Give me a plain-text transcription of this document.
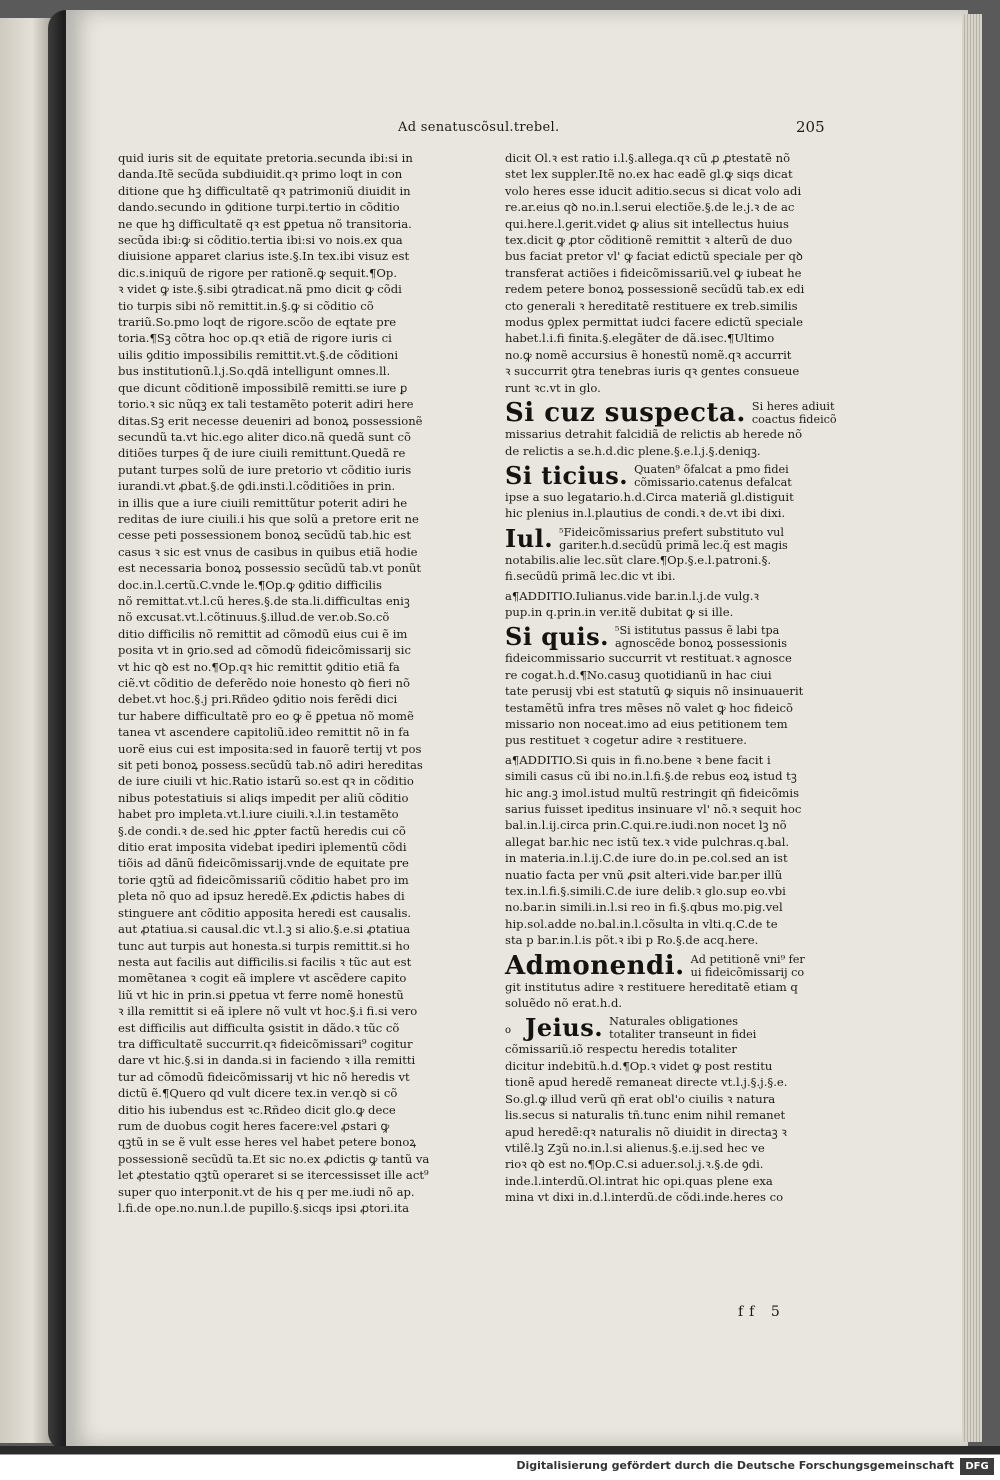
Ad senatuscõsul.trebel.	205
quid iuris sit de equitate pretoria.secunda ibi:si in
danda.Itẽ secũda subdiuidit.qꝛ primo loqt in con
ditione que hꝫ difficultatẽ qꝛ patrimoniũ diuidit in
dando.secundo in ꝯditione turpi.tertio in cõditio
ne que hꝫ difficultatẽ qꝛ est ꝑpetua nõ transitoria.
secũda ibi:ꝙ si cõditio.tertia ibi:si vo nois.ex qua
diuisione apparet clarius iste.§.In tex.ibi visuz est
dic.s.iniquũ de rigore per rationẽ.ꝙ sequit.¶Op.
ꝛ videt ꝙ iste.§.sibi ꝯtradicat.nã pmo dicit ꝙ cõdi
tio turpis sibi nõ remittit.in.§.ꝙ si cõditio cõ
trariũ.So.pmo loqt de rigore.scõo de eqtate pre
toria.¶Sꝫ cõtra hoc op.qꝛ etiã de rigore iuris ci
uilis ꝯditio impossibilis remittit.vt.§.de cõditioni
bus institutionũ.l.j.So.qdã intelligunt omnes.ll.
que dicunt cõditionẽ impossibilẽ remitti.se iure ꝑ
torio.ꝛ sic nũqꝫ ex tali testamẽto poterit adiri here
ditas.Sꝫ erit necesse deueniri ad bonoꝝ possessionẽ
secundũ ta.vt hic.ego aliter dico.nã quedã sunt cõ
ditiões turpes q̃ de iure ciuili remittunt.Quedã re
putant turpes solũ de iure pretorio vt cõditio iuris
iurandi.vt ꝓbat.§.de ꝯdi.insti.l.cõditiões in prin.
in illis que a iure ciuili remittũtur poterit adiri he
reditas de iure ciuili.i his que solũ a pretore erit ne
cesse peti possessionem bonoꝝ secũdũ tab.hic est
casus ꝛ sic est vnus de casibus in quibus etiã hodie
est necessaria bonoꝝ possessio secũdũ tab.vt ponũt
doc.in.l.certũ.C.vnde le.¶Op.ꝙ ꝯditio difficilis
nõ remittat.vt.l.cũ heres.§.de sta.li.difficultas eniꝫ
nõ excusat.vt.l.cõtinuus.§.illud.de ver.ob.So.cõ
ditio difficilis nõ remittit ad cõmodũ eius cui ẽ im
posita vt in ꝯrio.sed ad cõmodũ fideicõmissarij sic
vt hic qꝺ est no.¶Op.qꝛ hic remittit ꝯditio etiã fa
ciẽ.vt cõditio de deferẽdo noie honesto qꝺ fieri nõ
debet.vt hoc.§.j pri.Rñdeo ꝯditio nois ferẽdi dici
tur habere difficultatẽ pro eo ꝙ ẽ ꝑpetua nõ momẽ
tanea vt ascendere capitoliũ.ideo remittit nõ in fa
uorẽ eius cui est imposita:sed in fauorẽ tertij vt pos
sit peti bonoꝝ possess.secũdũ tab.nõ adiri hereditas
de iure ciuili vt hic.Ratio istarũ so.est qꝛ in cõditio
nibus potestatiuis si aliqs impedit per aliũ cõditio
habet pro impleta.vt.l.iure ciuili.ꝛ.l.in testamẽto
§.de condi.ꝛ de.sed hic ꝓpter factũ heredis cui cõ
ditio erat imposita videbat ipediri iplementũ cõdi
tiõis ad dãnũ fideicõmissarij.vnde de equitate pre
torie qꝫtũ ad fideicõmissariũ cõditio habet pro im
pleta nõ quo ad ipsuz heredẽ.Ex ꝓdictis habes di
stinguere ant cõditio apposita heredi est causalis.
aut ꝓtatiua.si causal.dic vt.l.ꝫ si alio.§.e.si ꝓtatiua
tunc aut turpis aut honesta.si turpis remittit.si ho
nesta aut facilis aut difficilis.si facilis ꝛ tũc aut est
momẽtanea ꝛ cogit eã implere vt ascẽdere capito
liũ vt hic in prin.si ꝑpetua vt ferre nomẽ honestũ
ꝛ illa remittit si eã iplere nõ vult vt hoc.§.i fi.si vero
est difficilis aut difficulta ꝯsistit in dãdo.ꝛ tũc cõ
tra difficultatẽ succurrit.qꝛ fideicõmissari⁹ cogitur
dare vt hic.§.si in danda.si in faciendo ꝛ illa remitti
tur ad cõmodũ fideicõmissarij vt hic nõ heredis vt
dictũ ẽ.¶Quero qd vult dicere tex.in ver.qꝺ si cõ
ditio his iubendus est ꝛc.Rñdeo dicit glo.ꝙ dece
rum de duobus cogit heres facere:vel ꝓstari ꝙ
qꝫtũ in se ẽ vult esse heres vel habet petere bonoꝝ
possessionẽ secũdũ ta.Et sic no.ex ꝓdictis ꝙ tantũ va
let ꝓtestatio qꝫtũ operaret si se itercessisset ille act⁹
super quo interponit.vt de his q per me.iudi nõ ap.
l.fi.de ope.no.nun.l.de pupillo.§.sicqs ipsi ꝓtori.ita
dicit Ol.ꝛ est ratio i.l.§.allega.qꝛ cũ ꝓ ꝓtestatẽ nõ
stet lex suppler.Itẽ no.ex hac eadẽ gl.ꝙ siqs dicat
volo heres esse iducit aditio.secus si dicat volo adi
re.ar.eius qꝺ no.in.l.serui electiõe.§.de le.j.ꝛ de ac
qui.here.l.gerit.videt ꝙ alius sit intellectus huius
tex.dicit ꝙ ꝓtor cõditionẽ remittit ꝛ alterũ de duo
bus faciat pretor vl' ꝙ faciat edictũ speciale per qꝺ
transferat actiões i fideicõmissariũ.vel ꝙ iubeat he
redem petere bonoꝝ possessionẽ secũdũ tab.ex edi
cto generali ꝛ hereditatẽ restituere ex treb.similis
modus ꝯplex permittat iudci facere edictũ speciale
habet.l.i.fi finita.§.elegãter de dã.isec.¶Ultimo
no.ꝙ nomẽ accursius ẽ honestũ nomẽ.qꝛ accurrit
ꝛ succurrit ꝯtra tenebras iuris qꝛ gentes consueue
runt ꝛc.vt in glo.
Si cuz suspecta. Si heres adiuit
coactus fideicõ
missarius detrahit falcidiã de relictis ab herede nõ
de relictis a se.h.d.dic plene.§.e.l.j.§.deniqꝫ.
Si ticius. Quaten⁹ õfalcat a pmo fidei
cõmissario.catenus defalcat
ipse a suo legatario.h.d.Circa materiã gl.distiguit
hic plenius in.l.plautius de condi.ꝛ de.vt ibi dixi.
Iul. ⁵Fideicõmissarius prefert substituto vul
gariter.h.d.secũdũ primã lec.q̃ est magis
notabilis.alie lec.sũt clare.¶Op.§.e.l.patroni.§.
fi.secũdũ primã lec.dic vt ibi.
a¶ADDITIO.Iulianus.vide bar.in.l.j.de vulg.ꝛ
pup.in q.prin.in ver.itẽ dubitat ꝙ si ille.
Si quis. ⁵Si istitutus passus ẽ labi tpa
agnoscẽde bonoꝝ possessionis
fideicommissario succurrit vt restituat.ꝛ agnosce
re cogat.h.d.¶No.casuꝫ quotidianũ in hac ciui
tate perusij vbi est statutũ ꝙ siquis nõ insinuauerit
testamẽtũ infra tres mẽses nõ valet ꝙ hoc fideicõ
missario non noceat.imo ad eius petitionem tem
pus restituet ꝛ cogetur adire ꝛ restituere.
a¶ADDITIO.Si quis in fi.no.bene ꝛ bene facit i
simili casus cũ ibi no.in.l.fi.§.de rebus eoꝝ istud tꝫ
hic ang.ꝫ imol.istud multũ restringit qñ fideicõmis
sarius fuisset ipeditus insinuare vl' nõ.ꝛ sequit hoc
bal.in.l.ij.circa prin.C.qui.re.iudi.non nocet lꝫ nõ
allegat bar.hic nec istũ tex.ꝛ vide pulchras.q.bal.
in materia.in.l.ij.C.de iure do.in pe.col.sed an ist
nuatio facta per vnũ ꝓsit alteri.vide bar.per illũ
tex.in.l.fi.§.simili.C.de iure delib.ꝛ glo.sup eo.vbi
no.bar.in simili.in.l.si reo in fi.§.qbus mo.pig.vel
hip.sol.adde no.bal.in.l.cõsulta in vlti.q.C.de te
sta p bar.in.l.is põt.ꝛ ibi p Ro.§.de acq.here.
Admonendi. Ad petitionẽ vni⁹ fer
ui fideicõmissarij co
git institutus adire ꝛ restituere hereditatẽ etiam q
soluẽdo nõ erat.h.d.
o Jeius. Naturales obligationes
totaliter transeunt in fidei
cõmissariũ.iõ respectu heredis totaliter
dicitur indebitũ.h.d.¶Op.ꝛ videt ꝙ post restitu
tionẽ apud heredẽ remaneat directe vt.l.j.§.j.§.e.
So.gl.ꝙ illud verũ qñ erat obl'o ciuilis ꝛ natura
lis.secus si naturalis tñ.tunc enim nihil remanet
apud heredẽ:qꝛ naturalis nõ diuidit in directaꝫ ꝛ
vtilẽ.lꝫ Zꝫũ no.in.l.si alienus.§.e.ij.sed hec ve
rioꝛ qꝺ est no.¶Op.C.si aduer.sol.j.ꝛ.§.de ꝯdi.
inde.l.interdũ.Ol.intrat hic opi.quas plene exa
mina vt dixi in.d.l.interdũ.de cõdi.inde.heres co
ff 5
Digitalisierung gefördert durch die Deutsche Forschungsgemeinschaft	DFG
